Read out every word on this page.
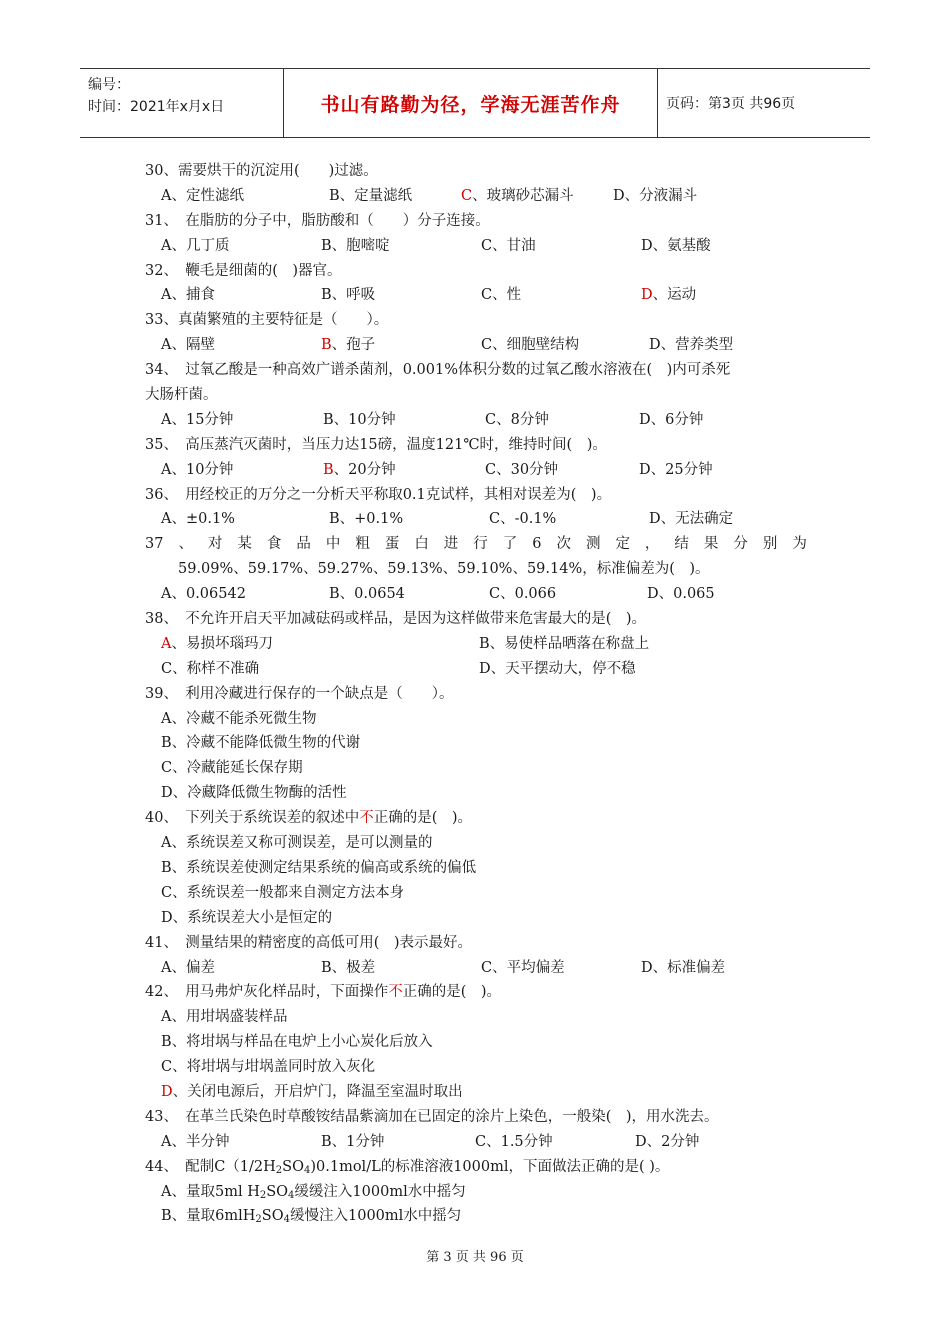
编号：
时间：2021年x月x日	书山有路勤为径，学海无涯苦作舟	页码：第3页 共96页
30、需要烘干的沉淀用(　　)过滤。
A、定性滤纸	B、定量滤纸	C、玻璃砂芯漏斗	D、分液漏斗
31、　在脂肪的分子中，脂肪酸和（　　）分子连接。
A、几丁质	B、胞嘧啶	C、甘油	D、氨基酸
32、　鞭毛是细菌的(　)器官。
A、捕食	B、呼吸	C、性	D、运动
33、真菌繁殖的主要特征是（　　）。
A、隔壁	B、孢子	C、细胞壁结构	D、营养类型
34、　过氧乙酸是一种高效广谱杀菌剂，0.001%体积分数的过氧乙酸水溶液在(　)内可杀死
大肠杆菌。
A、15分钟	B、10分钟	C、8分钟	D、6分钟
35、　高压蒸汽灭菌时，当压力达15磅，温度121℃时，维持时间(　)。
A、10分钟	B、20分钟	C、30分钟	D、25分钟
36、　用经校正的万分之一分析天平称取0.1克试样，其相对误差为(　)。
A、±0.1%	B、+0.1%	C、-0.1%	D、无法确定
37 、 对 某 食 品 中 粗 蛋 白 进 行 了 6 次 测 定 ， 结 果 分 别 为
59.09%、59.17%、59.27%、59.13%、59.10%、59.14%，标准偏差为(　)。
A、0.06542	B、0.0654	C、0.066	D、0.065
38、　不允许开启天平加减砝码或样品，是因为这样做带来危害最大的是(　)。
A、易损坏瑙玛刀	B、易使样品晒落在称盘上
C、称样不准确	D、天平摆动大，停不稳
39、　利用冷藏进行保存的一个缺点是（　　）。
A、冷藏不能杀死微生物
B、冷藏不能降低微生物的代谢
C、冷藏能延长保存期
D、冷藏降低微生物酶的活性
40、　下列关于系统误差的叙述中不正确的是(　)。
A、系统误差又称可测误差，是可以测量的
B、系统误差使测定结果系统的偏高或系统的偏低
C、系统误差一般都来自测定方法本身
D、系统误差大小是恒定的
41、　测量结果的精密度的高低可用(　)表示最好。
A、偏差	B、极差	C、平均偏差	D、标准偏差
42、　用马弗炉灰化样品时，下面操作不正确的是(　)。
A、用坩埚盛装样品
B、将坩埚与样品在电炉上小心炭化后放入
C、将坩埚与坩埚盖同时放入灰化
D、关闭电源后，开启炉门，降温至室温时取出
43、　在革兰氏染色时草酸铵结晶紫滴加在已固定的涂片上染色，一般染(　)，用水洗去。
A、半分钟	B、1分钟	C、1.5分钟	D、2分钟
44、　配制$C(1/2H_2SO_4)0.1mol/L$的标准溶液1000ml，下面做法正确的是( )。
A、量取5ml $H_2SO_4$缓缓注入1000ml水中摇匀
B、量取$6mlH_2SO_4$缓慢注入1000ml水中摇匀
第 3 页 共 96 页
